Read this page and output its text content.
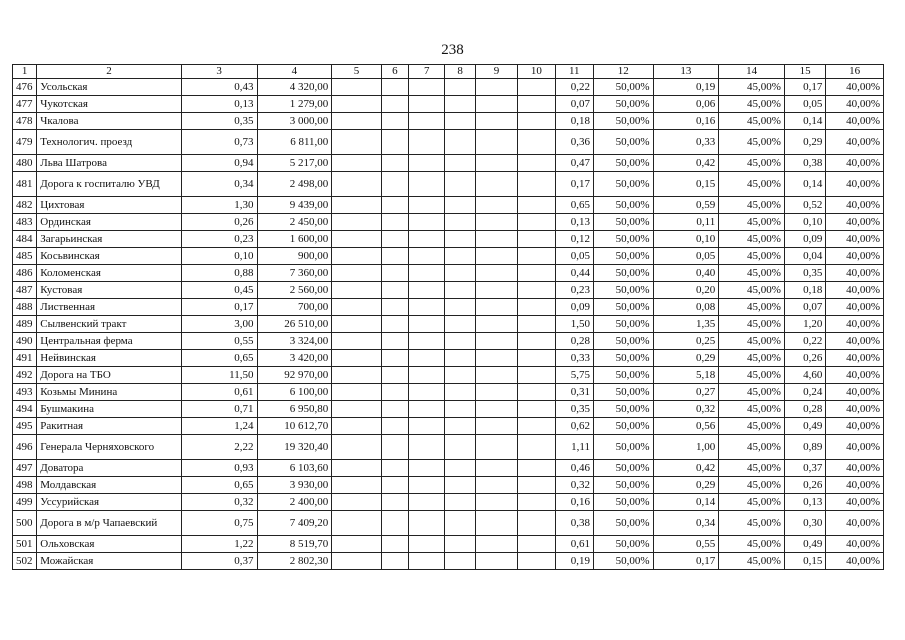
238
1	2	3	4	5	6	7	8	9	10	11	12	13	14	15	16
476	Усольская	0,43	4 320,00							0,22	50,00%	0,19	45,00%	0,17	40,00%
477	Чукотская	0,13	1 279,00							0,07	50,00%	0,06	45,00%	0,05	40,00%
478	Чкалова	0,35	3 000,00							0,18	50,00%	0,16	45,00%	0,14	40,00%
479	Технологич. проезд	0,73	6 811,00							0,36	50,00%	0,33	45,00%	0,29	40,00%
480	Льва Шатрова	0,94	5 217,00							0,47	50,00%	0,42	45,00%	0,38	40,00%
481	Дорога к госпиталю УВД	0,34	2 498,00							0,17	50,00%	0,15	45,00%	0,14	40,00%
482	Цихтовая	1,30	9 439,00							0,65	50,00%	0,59	45,00%	0,52	40,00%
483	Ординская	0,26	2 450,00							0,13	50,00%	0,11	45,00%	0,10	40,00%
484	Загарьинская	0,23	1 600,00							0,12	50,00%	0,10	45,00%	0,09	40,00%
485	Косьвинская	0,10	900,00							0,05	50,00%	0,05	45,00%	0,04	40,00%
486	Коломенская	0,88	7 360,00							0,44	50,00%	0,40	45,00%	0,35	40,00%
487	Кустовая	0,45	2 560,00							0,23	50,00%	0,20	45,00%	0,18	40,00%
488	Лиственная	0,17	700,00							0,09	50,00%	0,08	45,00%	0,07	40,00%
489	Сылвенский тракт	3,00	26 510,00							1,50	50,00%	1,35	45,00%	1,20	40,00%
490	Центральная ферма	0,55	3 324,00							0,28	50,00%	0,25	45,00%	0,22	40,00%
491	Нейвинская	0,65	3 420,00							0,33	50,00%	0,29	45,00%	0,26	40,00%
492	Дорога на ТБО	11,50	92 970,00							5,75	50,00%	5,18	45,00%	4,60	40,00%
493	Козьмы Минина	0,61	6 100,00							0,31	50,00%	0,27	45,00%	0,24	40,00%
494	Бушмакина	0,71	6 950,80							0,35	50,00%	0,32	45,00%	0,28	40,00%
495	Ракитная	1,24	10 612,70							0,62	50,00%	0,56	45,00%	0,49	40,00%
496	Генерала Черняховского	2,22	19 320,40							1,11	50,00%	1,00	45,00%	0,89	40,00%
497	Доватора	0,93	6 103,60							0,46	50,00%	0,42	45,00%	0,37	40,00%
498	Молдавская	0,65	3 930,00							0,32	50,00%	0,29	45,00%	0,26	40,00%
499	Уссурийская	0,32	2 400,00							0,16	50,00%	0,14	45,00%	0,13	40,00%
500	Дорога в м/р Чапаевский	0,75	7 409,20							0,38	50,00%	0,34	45,00%	0,30	40,00%
501	Ольховская	1,22	8 519,70							0,61	50,00%	0,55	45,00%	0,49	40,00%
502	Можайская	0,37	2 802,30							0,19	50,00%	0,17	45,00%	0,15	40,00%
